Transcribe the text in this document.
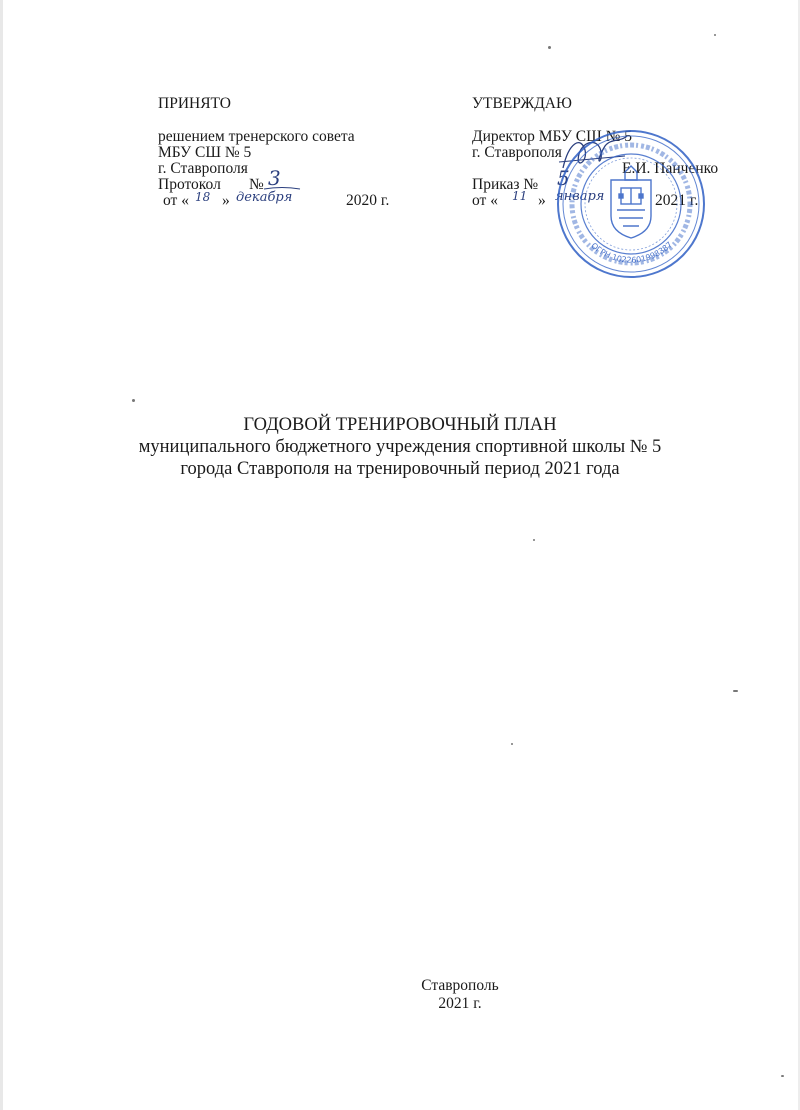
ПРИНЯТО
решением тренерского совета
МБУ СШ № 5
г. Ставрополя
Протокол № 3
от « 18 » декабря	2020 г.
УТВЕРЖДАЮ
Директор МБУ СШ № 5
г. Ставрополя
Е.И. Панченко
Приказ № 5
от « 11 » января	2021 г.
ОГРН 1022601998387
ГОДОВОЙ ТРЕНИРОВОЧНЫЙ ПЛАН
муниципального бюджетного учреждения спортивной школы № 5
города Ставрополя на тренировочный период 2021 года
Ставрополь
2021 г.
